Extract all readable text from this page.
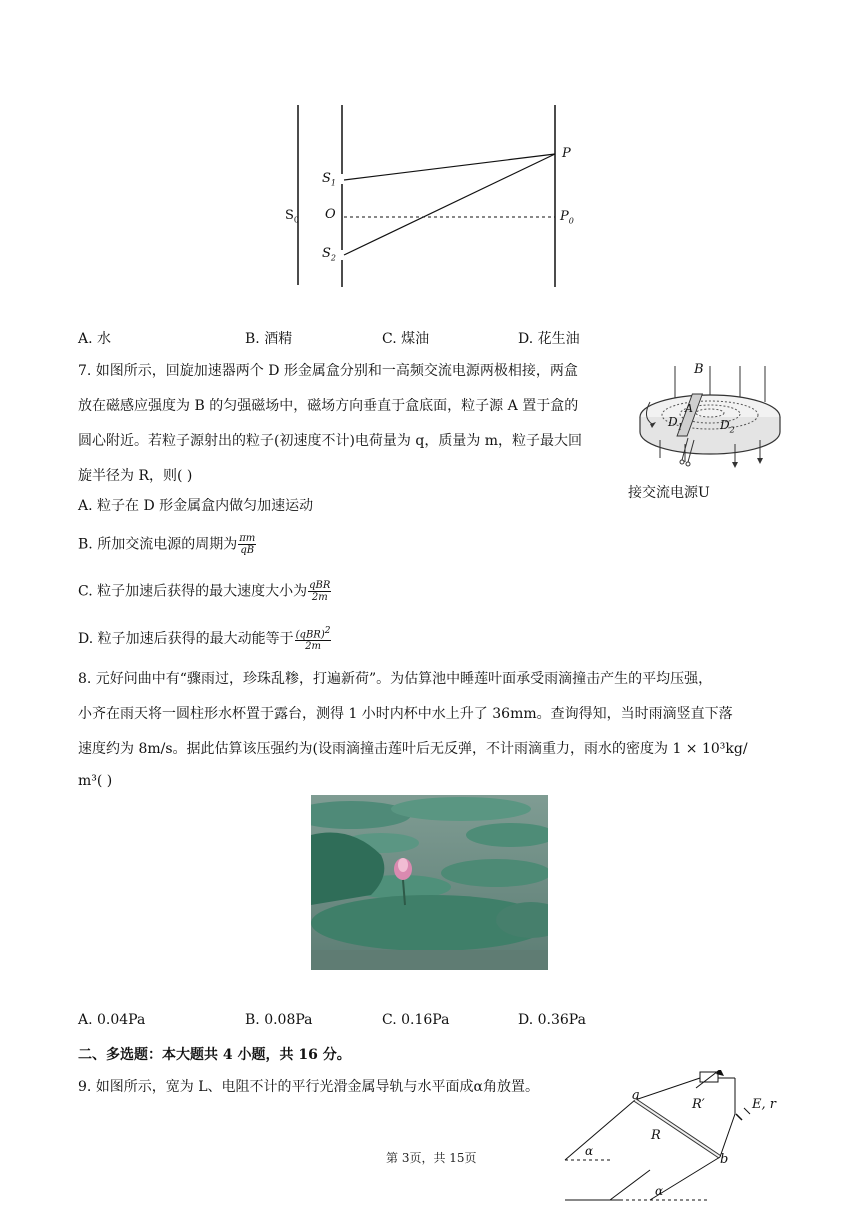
$S_0$
$S_1$
O
$S_2$
P
$P_0$
A. 水	B. 酒精	C. 煤油	D. 花生油
7. 如图所示，回旋加速器两个 D 形金属盒分别和一高频交流电源两极相接，两盒
放在磁感应强度为 B 的匀强磁场中，磁场方向垂直于盒底面，粒子源 A 置于盒的
圆心附近。若粒子源射出的粒子(初速度不计)电荷量为 q，质量为 m，粒子最大回
旋半径为 R，则( )
B
A
$D_1$	$D_2$
接交流电源U
A. 粒子在 D 形金属盒内做匀加速运动
B. 所加交流电源的周期为 $\frac{\pi m}{qB}$
C. 粒子加速后获得的最大速度大小为 $\frac{\text{qBR}}{2m}$
D. 粒子加速后获得的最大动能等于 $\frac{(qBR)^2}{2m}$
8. 元好问曲中有“骤雨过，珍珠乱糁，打遍新荷”。为估算池中睡莲叶面承受雨滴撞击产生的平均压强，
小齐在雨天将一圆柱形水杯置于露台，测得 1 小时内杯中水上升了 36mm。查询得知，当时雨滴竖直下落
速度约为 8m/s。据此估算该压强约为(设雨滴撞击莲叶后无反弹，不计雨滴重力，雨水的密度为 1 × 10³kg/
m³( )
A. 0.04Pa	B. 0.08Pa	C. 0.16Pa	D. 0.36Pa
二、多选题：本大题共 4 小题，共 16 分。
9. 如图所示，宽为 L、电阻不计的平行光滑金属导轨与水平面成α角放置。
a
b
R
R′	E, r
α
α
第 3页，共 15页
